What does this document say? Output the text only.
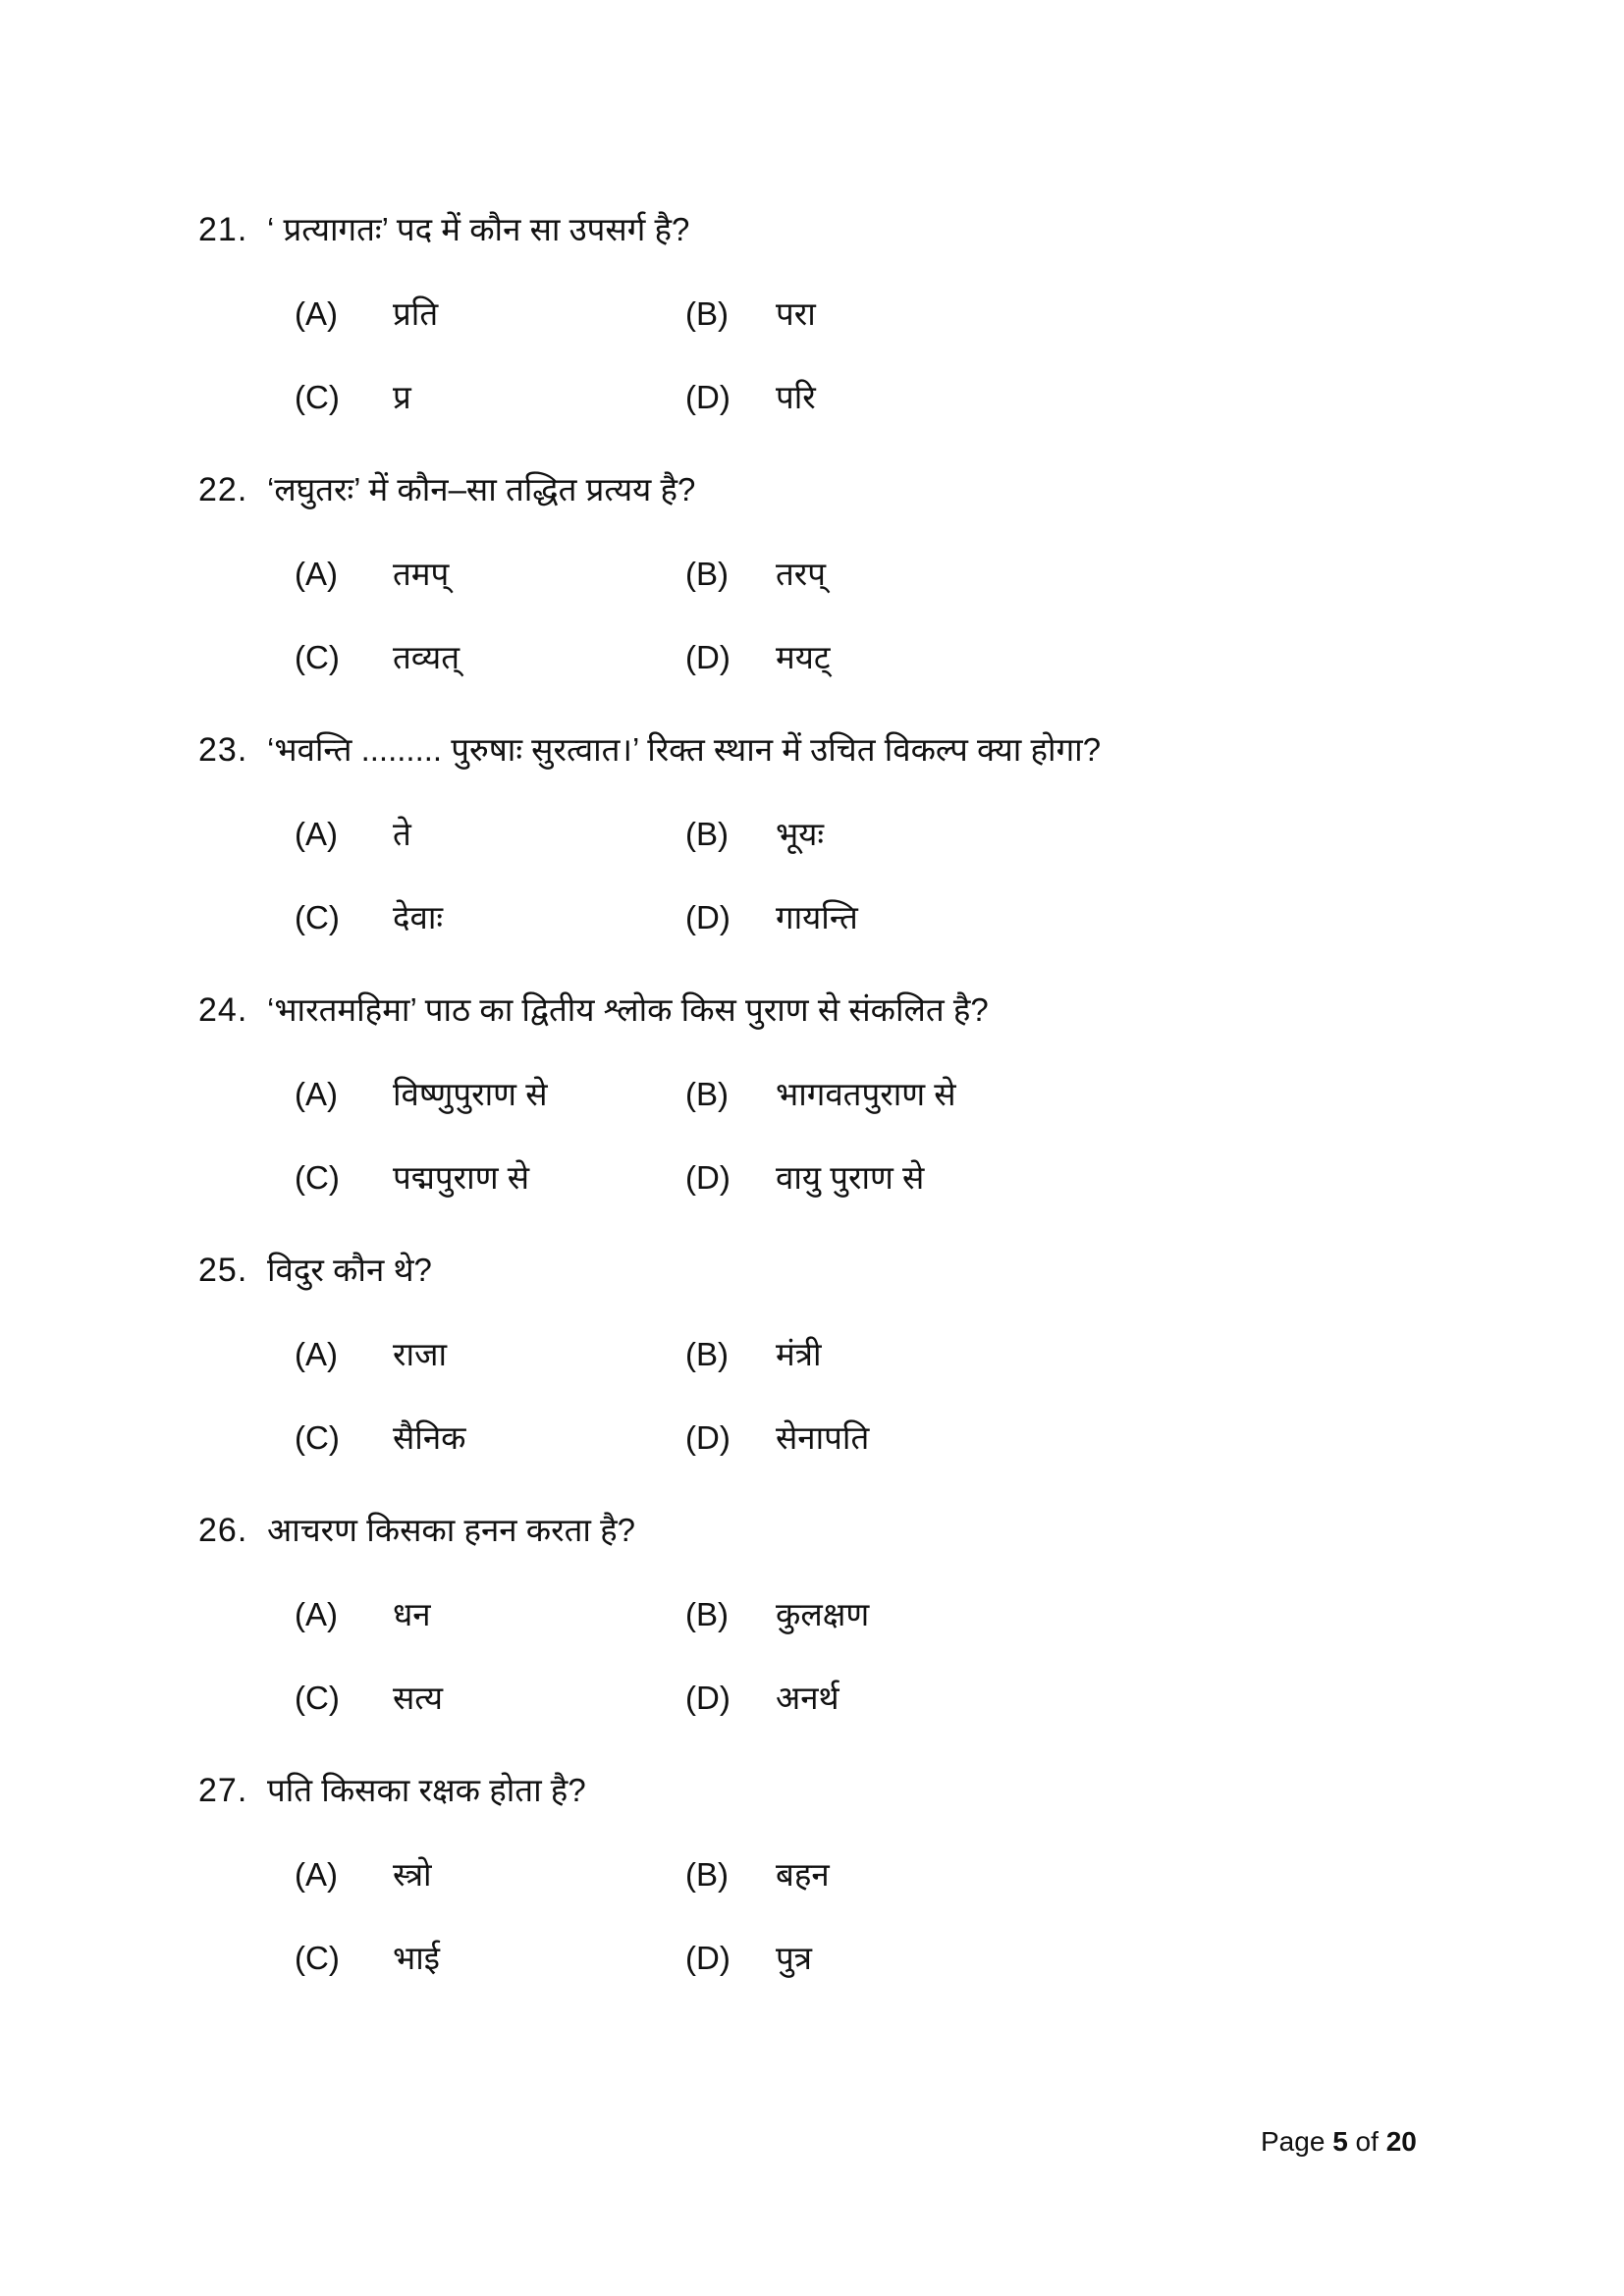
21. ‘ प्रत्यागतः’ पद में कौन सा उपसर्ग है?
(A) प्रति	(B) परा
(C) प्र	(D) परि
22. ‘लघुतरः’ में कौन–सा तद्धित प्रत्यय है?
(A) तमप्	(B) तरप्
(C) तव्यत्	(D) मयट्
23. ‘भवन्ति ......... पुरुषाः सुरत्वात।’ रिक्त स्थान में उचित विकल्प क्या होगा?
(A) ते	(B) भूयः
(C) देवाः	(D) गायन्ति
24. ‘भारतमहिमा’ पाठ का द्वितीय श्लोक किस पुराण से संकलित है?
(A) विष्णुपुराण से	(B) भागवतपुराण से
(C) पद्मपुराण से	(D) वायु पुराण से
25. विदुर कौन थे?
(A) राजा	(B) मंत्री
(C) सैनिक	(D) सेनापति
26. आचरण किसका हनन करता है?
(A) धन	(B) कुलक्षण
(C) सत्य	(D) अनर्थ
27. पति किसका रक्षक होता है?
(A) स्त्रो	(B) बहन
(C) भाई	(D) पुत्र
Page 5 of 20
